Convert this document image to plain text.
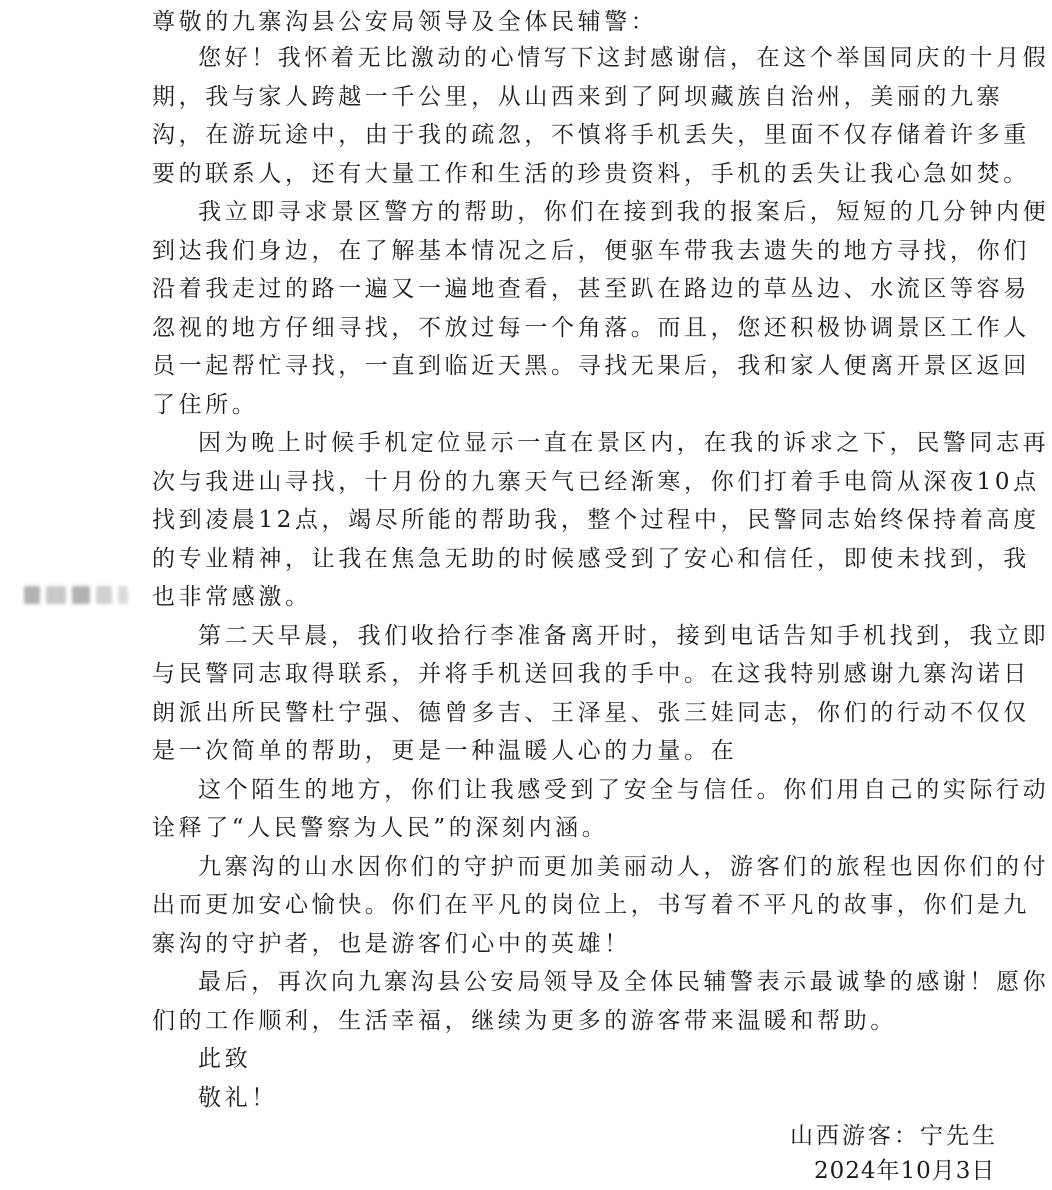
尊敬的九寨沟县公安局领导及全体民辅警：
您好！我怀着无比激动的心情写下这封感谢信，在这个举国同庆的十月假
期，我与家人跨越一千公里，从山西来到了阿坝藏族自治州，美丽的九寨
沟，在游玩途中，由于我的疏忽，不慎将手机丢失，里面不仅存储着许多重
要的联系人，还有大量工作和生活的珍贵资料，手机的丢失让我心急如焚。
我立即寻求景区警方的帮助，你们在接到我的报案后，短短的几分钟内便
到达我们身边，在了解基本情况之后，便驱车带我去遗失的地方寻找，你们
沿着我走过的路一遍又一遍地查看，甚至趴在路边的草丛边、水流区等容易
忽视的地方仔细寻找，不放过每一个角落。而且，您还积极协调景区工作人
员一起帮忙寻找，一直到临近天黑。寻找无果后，我和家人便离开景区返回
了住所。
因为晚上时候手机定位显示一直在景区内，在我的诉求之下，民警同志再
次与我进山寻找，十月份的九寨天气已经渐寒，你们打着手电筒从深夜10点
找到凌晨12点，竭尽所能的帮助我，整个过程中，民警同志始终保持着高度
的专业精神，让我在焦急无助的时候感受到了安心和信任，即使未找到，我
也非常感激。
第二天早晨，我们收拾行李准备离开时，接到电话告知手机找到，我立即
与民警同志取得联系，并将手机送回我的手中。在这我特别感谢九寨沟诺日
朗派出所民警杜宁强、德曾多吉、王泽星、张三娃同志，你们的行动不仅仅
是一次简单的帮助，更是一种温暖人心的力量。在
这个陌生的地方，你们让我感受到了安全与信任。你们用自己的实际行动
诠释了“人民警察为人民”的深刻内涵。
九寨沟的山水因你们的守护而更加美丽动人，游客们的旅程也因你们的付
出而更加安心愉快。你们在平凡的岗位上，书写着不平凡的故事，你们是九
寨沟的守护者，也是游客们心中的英雄！
最后，再次向九寨沟县公安局领导及全体民辅警表示最诚挚的感谢！愿你
们的工作顺利，生活幸福，继续为更多的游客带来温暖和帮助。
此致
敬礼！
山西游客：宁先生
2024年10月3日
